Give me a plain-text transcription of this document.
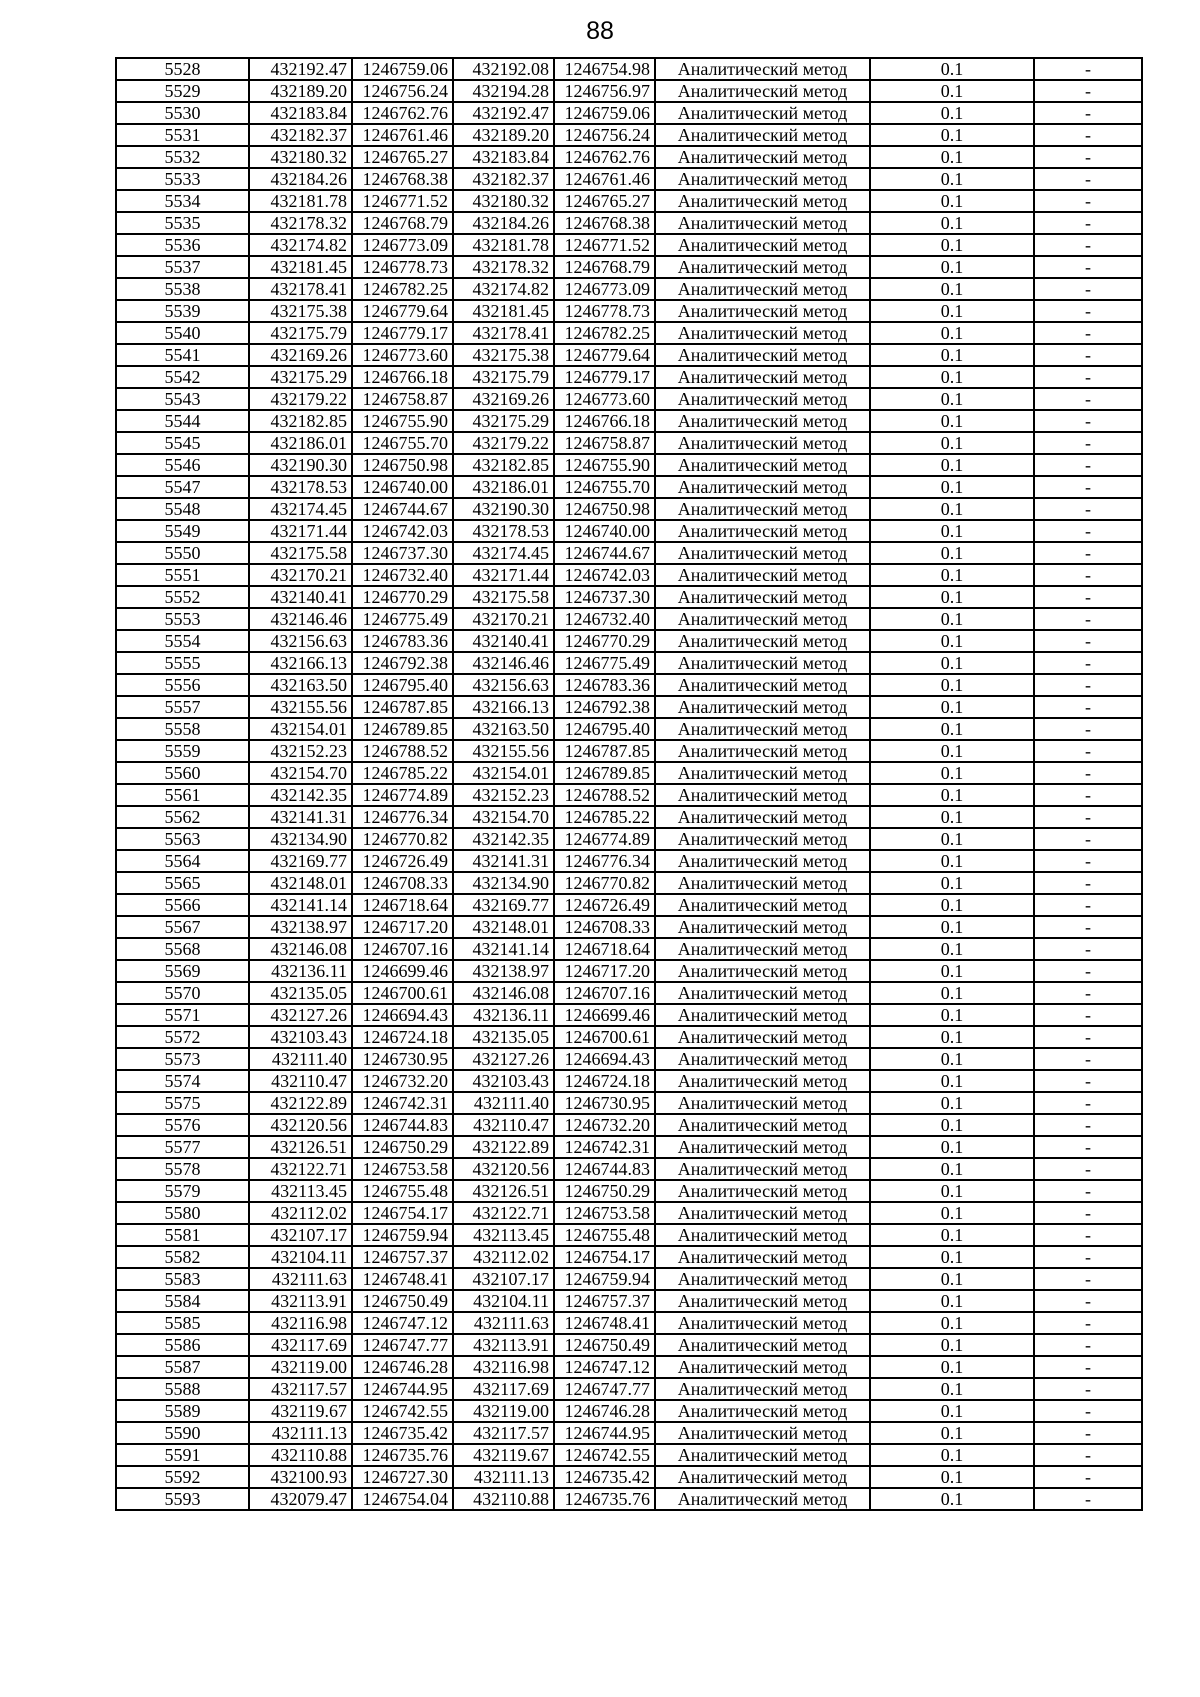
88
5528	432192.47	1246759.06	432192.08	1246754.98	Аналитический метод	0.1	-
5529	432189.20	1246756.24	432194.28	1246756.97	Аналитический метод	0.1	-
5530	432183.84	1246762.76	432192.47	1246759.06	Аналитический метод	0.1	-
5531	432182.37	1246761.46	432189.20	1246756.24	Аналитический метод	0.1	-
5532	432180.32	1246765.27	432183.84	1246762.76	Аналитический метод	0.1	-
5533	432184.26	1246768.38	432182.37	1246761.46	Аналитический метод	0.1	-
5534	432181.78	1246771.52	432180.32	1246765.27	Аналитический метод	0.1	-
5535	432178.32	1246768.79	432184.26	1246768.38	Аналитический метод	0.1	-
5536	432174.82	1246773.09	432181.78	1246771.52	Аналитический метод	0.1	-
5537	432181.45	1246778.73	432178.32	1246768.79	Аналитический метод	0.1	-
5538	432178.41	1246782.25	432174.82	1246773.09	Аналитический метод	0.1	-
5539	432175.38	1246779.64	432181.45	1246778.73	Аналитический метод	0.1	-
5540	432175.79	1246779.17	432178.41	1246782.25	Аналитический метод	0.1	-
5541	432169.26	1246773.60	432175.38	1246779.64	Аналитический метод	0.1	-
5542	432175.29	1246766.18	432175.79	1246779.17	Аналитический метод	0.1	-
5543	432179.22	1246758.87	432169.26	1246773.60	Аналитический метод	0.1	-
5544	432182.85	1246755.90	432175.29	1246766.18	Аналитический метод	0.1	-
5545	432186.01	1246755.70	432179.22	1246758.87	Аналитический метод	0.1	-
5546	432190.30	1246750.98	432182.85	1246755.90	Аналитический метод	0.1	-
5547	432178.53	1246740.00	432186.01	1246755.70	Аналитический метод	0.1	-
5548	432174.45	1246744.67	432190.30	1246750.98	Аналитический метод	0.1	-
5549	432171.44	1246742.03	432178.53	1246740.00	Аналитический метод	0.1	-
5550	432175.58	1246737.30	432174.45	1246744.67	Аналитический метод	0.1	-
5551	432170.21	1246732.40	432171.44	1246742.03	Аналитический метод	0.1	-
5552	432140.41	1246770.29	432175.58	1246737.30	Аналитический метод	0.1	-
5553	432146.46	1246775.49	432170.21	1246732.40	Аналитический метод	0.1	-
5554	432156.63	1246783.36	432140.41	1246770.29	Аналитический метод	0.1	-
5555	432166.13	1246792.38	432146.46	1246775.49	Аналитический метод	0.1	-
5556	432163.50	1246795.40	432156.63	1246783.36	Аналитический метод	0.1	-
5557	432155.56	1246787.85	432166.13	1246792.38	Аналитический метод	0.1	-
5558	432154.01	1246789.85	432163.50	1246795.40	Аналитический метод	0.1	-
5559	432152.23	1246788.52	432155.56	1246787.85	Аналитический метод	0.1	-
5560	432154.70	1246785.22	432154.01	1246789.85	Аналитический метод	0.1	-
5561	432142.35	1246774.89	432152.23	1246788.52	Аналитический метод	0.1	-
5562	432141.31	1246776.34	432154.70	1246785.22	Аналитический метод	0.1	-
5563	432134.90	1246770.82	432142.35	1246774.89	Аналитический метод	0.1	-
5564	432169.77	1246726.49	432141.31	1246776.34	Аналитический метод	0.1	-
5565	432148.01	1246708.33	432134.90	1246770.82	Аналитический метод	0.1	-
5566	432141.14	1246718.64	432169.77	1246726.49	Аналитический метод	0.1	-
5567	432138.97	1246717.20	432148.01	1246708.33	Аналитический метод	0.1	-
5568	432146.08	1246707.16	432141.14	1246718.64	Аналитический метод	0.1	-
5569	432136.11	1246699.46	432138.97	1246717.20	Аналитический метод	0.1	-
5570	432135.05	1246700.61	432146.08	1246707.16	Аналитический метод	0.1	-
5571	432127.26	1246694.43	432136.11	1246699.46	Аналитический метод	0.1	-
5572	432103.43	1246724.18	432135.05	1246700.61	Аналитический метод	0.1	-
5573	432111.40	1246730.95	432127.26	1246694.43	Аналитический метод	0.1	-
5574	432110.47	1246732.20	432103.43	1246724.18	Аналитический метод	0.1	-
5575	432122.89	1246742.31	432111.40	1246730.95	Аналитический метод	0.1	-
5576	432120.56	1246744.83	432110.47	1246732.20	Аналитический метод	0.1	-
5577	432126.51	1246750.29	432122.89	1246742.31	Аналитический метод	0.1	-
5578	432122.71	1246753.58	432120.56	1246744.83	Аналитический метод	0.1	-
5579	432113.45	1246755.48	432126.51	1246750.29	Аналитический метод	0.1	-
5580	432112.02	1246754.17	432122.71	1246753.58	Аналитический метод	0.1	-
5581	432107.17	1246759.94	432113.45	1246755.48	Аналитический метод	0.1	-
5582	432104.11	1246757.37	432112.02	1246754.17	Аналитический метод	0.1	-
5583	432111.63	1246748.41	432107.17	1246759.94	Аналитический метод	0.1	-
5584	432113.91	1246750.49	432104.11	1246757.37	Аналитический метод	0.1	-
5585	432116.98	1246747.12	432111.63	1246748.41	Аналитический метод	0.1	-
5586	432117.69	1246747.77	432113.91	1246750.49	Аналитический метод	0.1	-
5587	432119.00	1246746.28	432116.98	1246747.12	Аналитический метод	0.1	-
5588	432117.57	1246744.95	432117.69	1246747.77	Аналитический метод	0.1	-
5589	432119.67	1246742.55	432119.00	1246746.28	Аналитический метод	0.1	-
5590	432111.13	1246735.42	432117.57	1246744.95	Аналитический метод	0.1	-
5591	432110.88	1246735.76	432119.67	1246742.55	Аналитический метод	0.1	-
5592	432100.93	1246727.30	432111.13	1246735.42	Аналитический метод	0.1	-
5593	432079.47	1246754.04	432110.88	1246735.76	Аналитический метод	0.1	-
